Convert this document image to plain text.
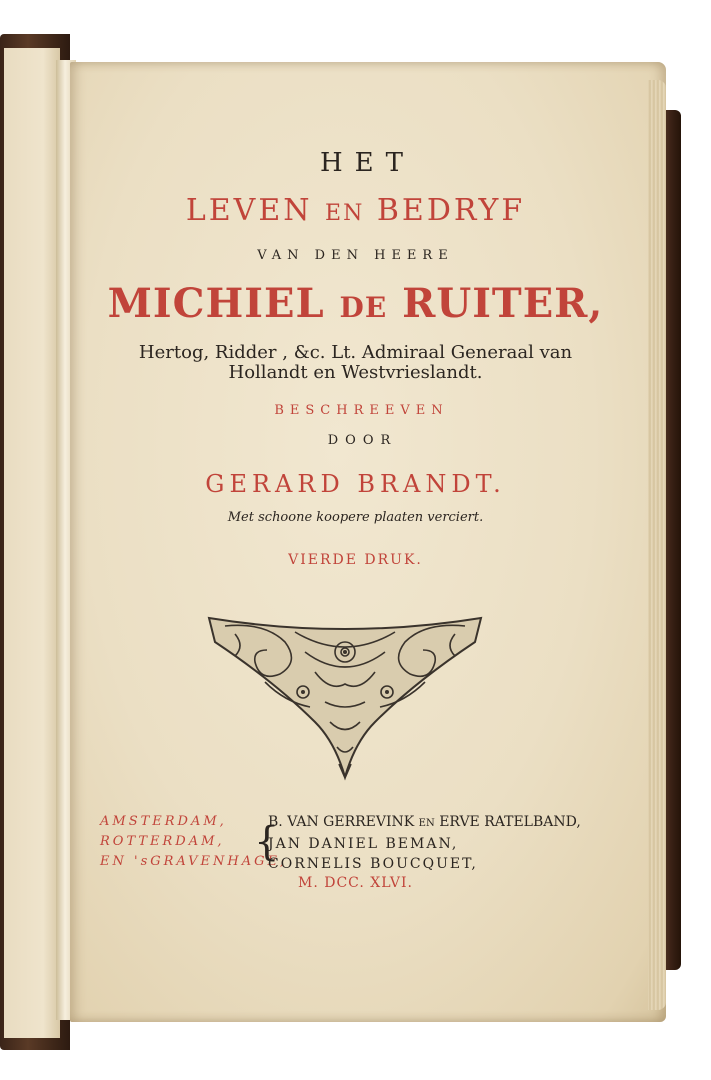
HET
LEVEN EN BEDRYF
VAN DEN HEERE
MICHIEL DE RUITER,
Hertog, Ridder , &c. Lt. Admiraal Generaal van
Hollandt en Westvrieslandt.
BESCHREEVEN
DOOR
GERARD BRANDT.
Met schoone koopere plaaten verciert.
VIERDE DRUK.
AMSTERDAM,
ROTTERDAM,
EN 'sGRAVENHAGE,
{
B. VAN GERREVINK EN ERVE RATELBAND,
JAN DANIEL BEMAN,
CORNELIS BOUCQUET,
M. DCC. XLVI.
